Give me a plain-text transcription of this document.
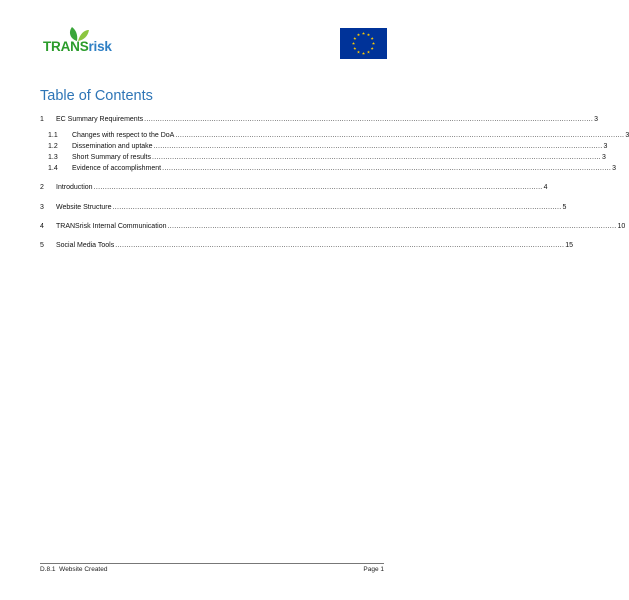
TRANSrisk
Table of Contents
1 EC Summary Requirements ........................................................................................................................................................................................................ 3
1.1 Changes with respect to the DoA ........................................................................................................................................................................................................ 3
1.2 Dissemination and uptake ........................................................................................................................................................................................................ 3
1.3 Short Summary of results ........................................................................................................................................................................................................ 3
1.4 Evidence of accomplishment ........................................................................................................................................................................................................ 3
2 Introduction ........................................................................................................................................................................................................ 4
3 Website Structure ........................................................................................................................................................................................................ 5
4 TRANSrisk Internal Communication ........................................................................................................................................................................................................ 10
5 Social Media Tools ........................................................................................................................................................................................................ 15
D.8.1 Website Created	Page 1
